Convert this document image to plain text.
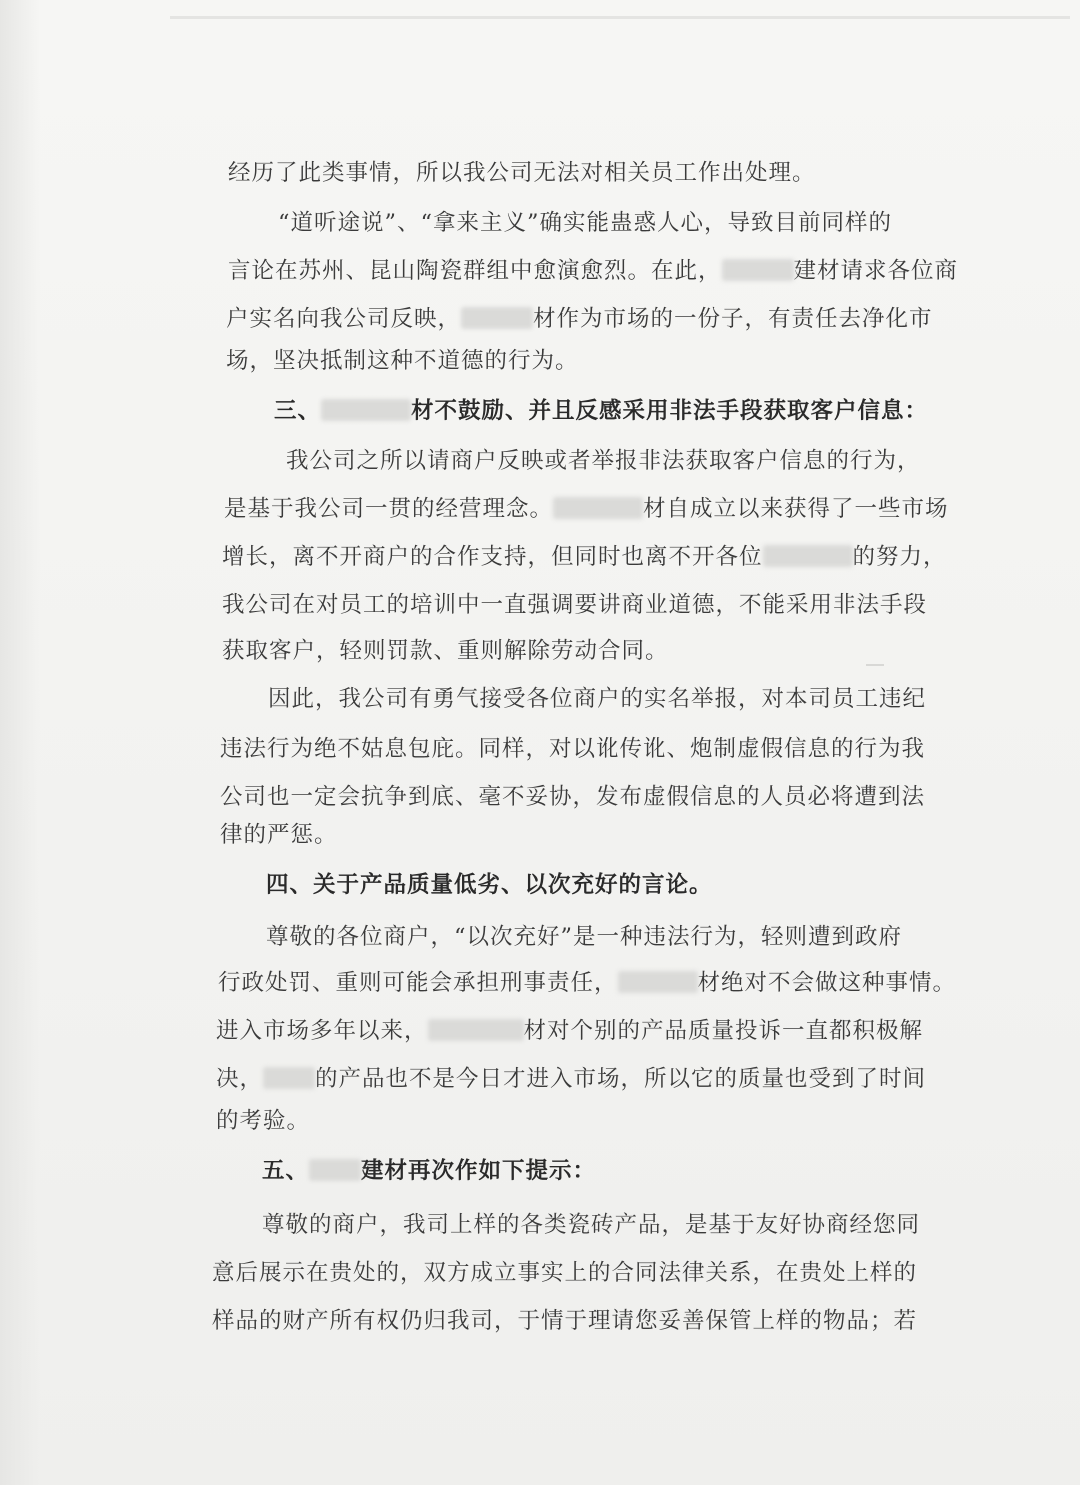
经历了此类事情，所以我公司无法对相关员工作出处理。
“道听途说”、“拿来主义”确实能蛊惑人心，导致目前同样的
言论在苏州、昆山陶瓷群组中愈演愈烈。在此，	建材请求各位商
户实名向我公司反映，	材作为市场的一份子，有责任去净化市
场，坚决抵制这种不道德的行为。
三、	材不鼓励、并且反感采用非法手段获取客户信息：
我公司之所以请商户反映或者举报非法获取客户信息的行为，
是基于我公司一贯的经营理念。	材自成立以来获得了一些市场
增长，离不开商户的合作支持，但同时也离不开各位	的努力，
我公司在对员工的培训中一直强调要讲商业道德，不能采用非法手段
获取客户，轻则罚款、重则解除劳动合同。
因此，我公司有勇气接受各位商户的实名举报，对本司员工违纪
违法行为绝不姑息包庇。同样，对以讹传讹、炮制虚假信息的行为我
公司也一定会抗争到底、毫不妥协，发布虚假信息的人员必将遭到法
律的严惩。
四、关于产品质量低劣、以次充好的言论。
尊敬的各位商户，“以次充好”是一种违法行为，轻则遭到政府
行政处罚、重则可能会承担刑事责任，	材绝对不会做这种事情。
进入市场多年以来，	材对个别的产品质量投诉一直都积极解
决， 的产品也不是今日才进入市场，所以它的质量也受到了时间
的考验。
五、 建材再次作如下提示：
尊敬的商户，我司上样的各类瓷砖产品，是基于友好协商经您同
意后展示在贵处的，双方成立事实上的合同法律关系，在贵处上样的
样品的财产所有权仍归我司，于情于理请您妥善保管上样的物品；若
